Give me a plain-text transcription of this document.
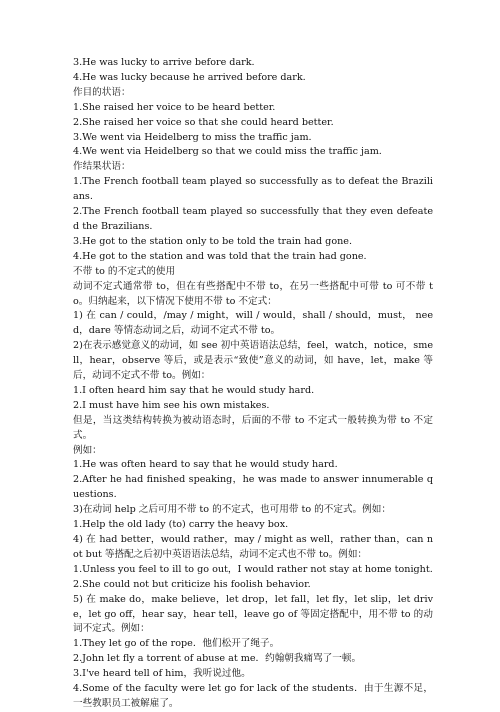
3.He was lucky to arrive before dark.
4.He was lucky because he arrived before dark.
作目的状语：
1.She raised her voice to be heard better.
2.She raised her voice so that she could heard better.
3.We went via Heidelberg to miss the traffic jam.
4.We went via Heidelberg so that we could miss the traffic jam.
作结果状语：
1.The French football team played so successfully as to defeat the Brazilians.
2.The French football team played so successfully that they even defeated the Brazilians.
3.He got to the station only to be told the train had gone.
4.He got to the station and was told that the train had gone.
不带 to 的不定式的使用
动词不定式通常带 to，但在有些搭配中不带 to，在另一些搭配中可带 to 可不带 to。归纳起来，以下情况下使用不带 to 不定式：
1) 在 can / could，/may / might，will / would，shall / should，must， need，dare 等情态动词之后，动词不定式不带 to。
2)在表示感觉意义的动词，如 see 初中英语语法总结，feel，watch，notice，smell，hear，observe 等后，或是表示“致使”意义的动词，如 have，let，make 等后，动词不定式不带 to。例如：
1.I often heard him say that he would study hard.
2.I must have him see his own mistakes.
但是，当这类结构转换为被动语态时，后面的不带 to 不定式一般转换为带 to 不定式。
例如：
1.He was often heard to say that he would study hard.
2.After he had finished speaking，he was made to answer innumerable questions.
3)在动词 help 之后可用不带 to 的不定式，也可用带 to 的不定式。例如：
1.Help the old lady (to) carry the heavy box.
4) 在 had better，would rather，may / might as well，rather than，can not but 等搭配之后初中英语语法总结，动词不定式也不带 to。例如：
1.Unless you feel to ill to go out，I would rather not stay at home tonight.
2.She could not but criticize his foolish behavior.
5) 在 make do，make believe，let drop，let fall，let fly，let slip，let drive，let go off，hear say，hear tell，leave go of 等固定搭配中，用不带 to 的动词不定式。例如：
1.They let go of the rope．他们松开了绳子。
2.John let fly a torrent of abuse at me．约翰朝我痛骂了一顿。
3.I've heard tell of him，我听说过他。
4.Some of the faculty were let go for lack of the students．由于生源不足，一些教职员工被解雇了。
